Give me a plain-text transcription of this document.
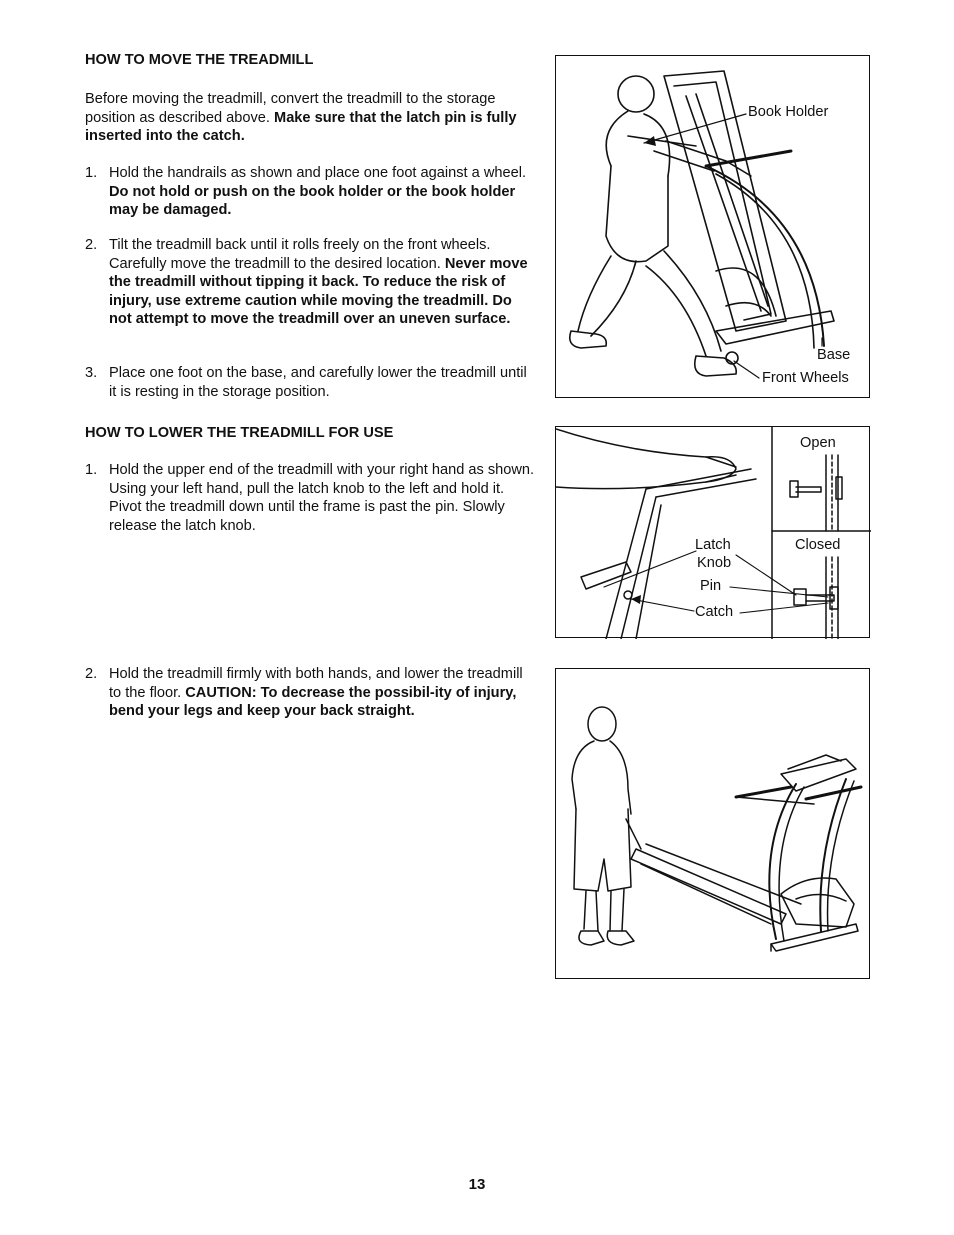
HOW TO MOVE THE TREADMILL
Before moving the treadmill, convert the treadmill to the storage position as described above. Make sure that the latch pin is fully inserted into the catch.
1. Hold the handrails as shown and place one foot against a wheel. Do not hold or push on the book holder or the book holder may be damaged.
2. Tilt the treadmill back until it rolls freely on the front wheels. Carefully move the treadmill to the desired location. Never move the treadmill without tipping it back. To reduce the risk of injury, use extreme caution while moving the treadmill. Do not attempt to move the treadmill over an uneven surface.
3. Place one foot on the base, and carefully lower the treadmill until it is resting in the storage position.
HOW TO LOWER THE TREADMILL FOR USE
1. Hold the upper end of the treadmill with your right hand as shown. Using your left hand, pull the latch knob to the left and hold it. Pivot the treadmill down until the frame is past the pin. Slowly release the latch knob.
2. Hold the treadmill firmly with both hands, and lower the treadmill to the floor. CAUTION: To decrease the possibil-ity of injury, bend your legs and keep your back straight.
Book Holder
Base
Front Wheels
Open
Closed
Latch
Knob
Pin
Catch
13
